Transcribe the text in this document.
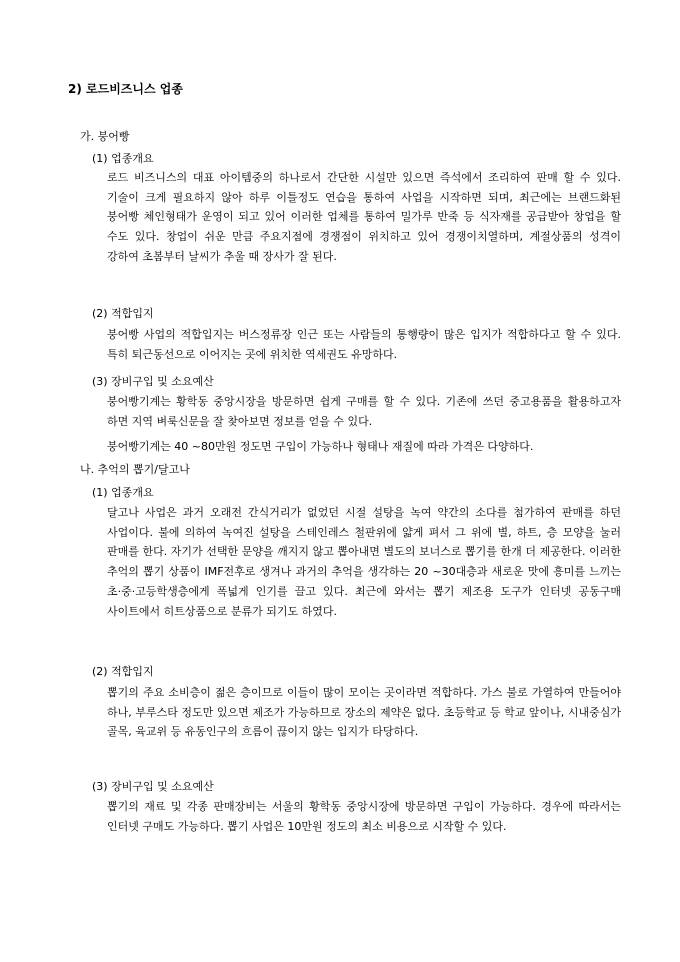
2) 로드비즈니스 업종
가. 붕어빵
(1) 업종개요
로드 비즈니스의 대표 아이템중의 하나로서 간단한 시설만 있으면 즉석에서 조리하여 판매 할 수 있다. 기술이 크게 필요하지 않아 하루 이틀정도 연습을 통하여 사업을 시작하면 되며, 최근에는 브랜드화된 붕어빵 체인형태가 운영이 되고 있어 이러한 업체를 통하여 밀가루 반죽 등 식자재를 공급받아 창업을 할 수도 있다. 창업이 쉬운 만큼 주요지점에 경쟁점이 위치하고 있어 경쟁이치열하며, 계절상품의 성격이 강하여 초봄부터 날씨가 추울 때 장사가 잘 된다.
(2) 적합입지
붕어빵 사업의 적합입지는 버스정류장 인근 또는 사람들의 통행량이 많은 입지가 적합하다고 할 수 있다. 특히 퇴근동선으로 이어지는 곳에 위치한 역세권도 유망하다.
(3) 장비구입 및 소요예산
붕어빵기계는 황학동 중앙시장을 방문하면 쉽게 구매를 할 수 있다. 기존에 쓰던 중고용품을 활용하고자 하면 지역 벼룩신문을 잘 찾아보면 정보를 얻을 수 있다.
붕어빵기계는 40 ~80만원 정도면 구입이 가능하나 형태나 재질에 따라 가격은 다양하다.
나. 추억의 뽑기/달고나
(1) 업종개요
달고나 사업은 과거 오래전 간식거리가 없었던 시절 설탕을 녹여 약간의 소다를 첨가하여 판매를 하던 사업이다. 불에 의하여 녹여진 설탕을 스테인레스 철판위에 얇게 펴서 그 위에 별, 하트, 층 모양을 눌러 판매를 한다. 자기가 선택한 문양을 깨지지 않고 뽑아내면 별도의 보너스로 뽑기를 한개 더 제공한다. 이러한 추억의 뽑기 상품이 IMF전후로 생겨나 과거의 추억을 생각하는 20 ~30대층과 새로운 맛에 흥미를 느끼는 초·중·고등학생층에게 폭넓게 인기를 끌고 있다. 최근에 와서는 뽑기 제조용 도구가 인터넷 공동구매 사이트에서 히트상품으로 분류가 되기도 하였다.
(2) 적합입지
뽑기의 주요 소비층이 젊은 층이므로 이들이 많이 모이는 곳이라면 적합하다. 가스 불로 가열하여 만들어야 하나, 부루스타 정도만 있으면 제조가 가능하므로 장소의 제약은 없다. 초등학교 등 학교 앞이나, 시내중심가 골목, 육교위 등 유동인구의 흐름이 끊이지 않는 입지가 타당하다.
(3) 장비구입 및 소요예산
뽑기의 재료 및 각종 판매장비는 서울의 황학동 중앙시장에 방문하면 구입이 가능하다. 경우에 따라서는 인터넷 구매도 가능하다. 뽑기 사업은 10만원 정도의 최소 비용으로 시작할 수 있다.
